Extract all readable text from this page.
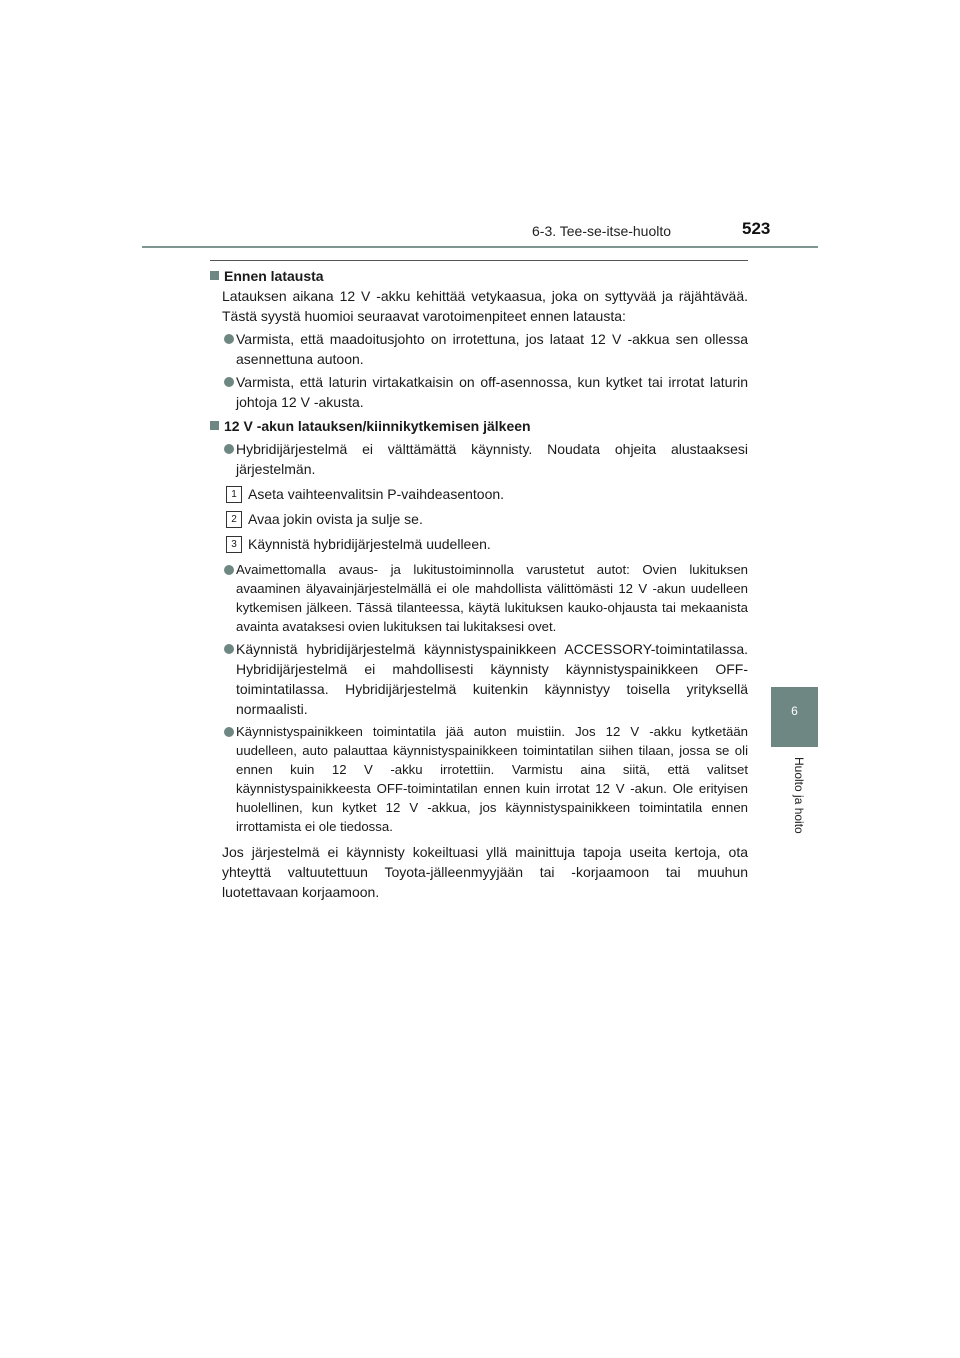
6-3. Tee-se-itse-huolto	523
6
Huolto ja hoito

Ennen latausta

Latauksen aikana 12 V -akku kehittää vetykaasua, joka on syttyvää ja räjähtävää. Tästä syystä huomioi seuraavat varotoimenpiteet ennen latausta:

Varmista, että maadoitusjohto on irrotettuna, jos lataat 12 V -akkua sen ollessa asennettuna autoon.
Varmista, että laturin virtakatkaisin on off-asennossa, kun kytket tai irrotat laturin johtoja 12 V -akusta.

12 V -akun latauksen/kiinnikytkemisen jälkeen

Hybridijärjestelmä ei välttämättä käynnisty. Noudata ohjeita alustaaksesi järjestelmän.
1 Aseta vaihteenvalitsin P-vaihdeasentoon.
2 Avaa jokin ovista ja sulje se.
3 Käynnistä hybridijärjestelmä uudelleen.
Avaimettomalla avaus- ja lukitustoiminnolla varustetut autot: Ovien lukituksen avaaminen älyavainjärjestelmällä ei ole mahdollista välittömästi 12 V -akun uudelleen kytkemisen jälkeen. Tässä tilanteessa, käytä lukituksen kauko-ohjausta tai mekaanista avainta avataksesi ovien lukituksen tai lukitaksesi ovet.
Käynnistä hybridijärjestelmä käynnistyspainikkeen ACCESSORY-toimintatilassa. Hybridijärjestelmä ei mahdollisesti käynnisty käynnistyspainikkeen OFF-toimintatilassa. Hybridijärjestelmä kuitenkin käynnistyy toisella yrityksellä normaalisti.
Käynnistyspainikkeen toimintatila jää auton muistiin. Jos 12 V -akku kytketään uudelleen, auto palauttaa käynnistyspainikkeen toimintatilan siihen tilaan, jossa se oli ennen kuin 12 V -akku irrotettiin. Varmistu aina siitä, että valitset käynnistyspainikkeesta OFF-toimintatilan ennen kuin irrotat 12 V -akun. Ole erityisen huolellinen, kun kytket 12 V -akkua, jos käynnistyspainikkeen toimintatila ennen irrottamista ei ole tiedossa.

Jos järjestelmä ei käynnisty kokeiltuasi yllä mainittuja tapoja useita kertoja, ota yhteyttä valtuutettuun Toyota-jälleenmyyjään tai -korjaamoon tai muuhun luotettavaan korjaamoon.
